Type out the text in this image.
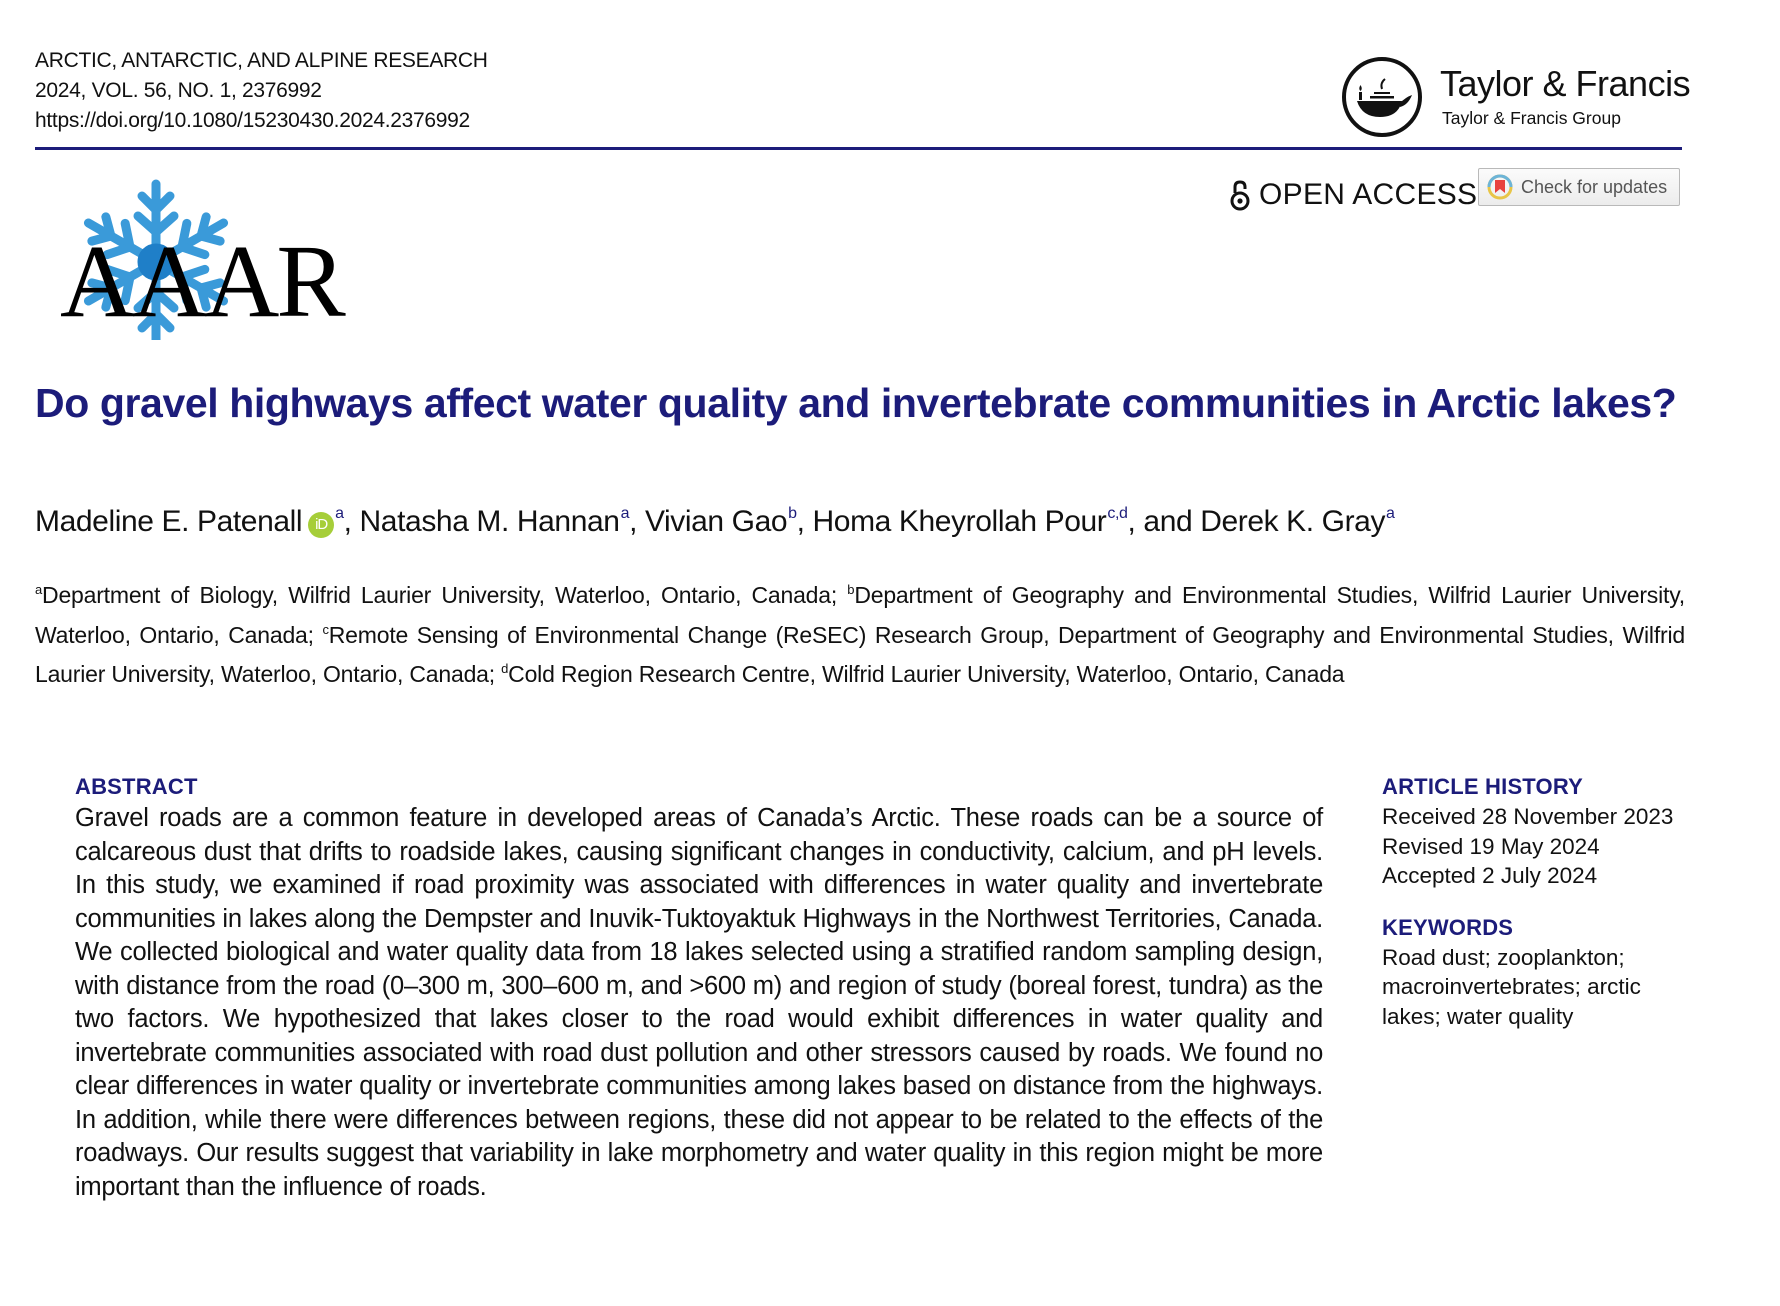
ARCTIC, ANTARCTIC, AND ALPINE RESEARCH
2024, VOL. 56, NO. 1, 2376992
https://doi.org/10.1080/15230430.2024.2376992
Taylor & Francis
Taylor & Francis Group
OPEN ACCESS Check for updates
AAAR
Do gravel highways affect water quality and invertebrate communities in Arctic lakes?
Madeline E. Patenall $iD^a$, Natasha M. Hannan$^a$, Vivian Gao$^b$, Homa Kheyrollah Pour$^{c,d}$, and Derek K. Gray$^a$
$^a$Department of Biology, Wilfrid Laurier University, Waterloo, Ontario, Canada; $^b$Department of Geography and Environmental Studies, Wilfrid Laurier University, Waterloo, Ontario, Canada; $^c$Remote Sensing of Environmental Change (ReSEC) Research Group, Department of Geography and Environmental Studies, Wilfrid Laurier University, Waterloo, Ontario, Canada; $^d$Cold Region Research Centre, Wilfrid Laurier University, Waterloo, Ontario, Canada
ABSTRACT

Gravel roads are a common feature in developed areas of Canada’s Arctic. These roads can be a source of calcareous dust that drifts to roadside lakes, causing significant changes in conductivity, calcium, and pH levels. In this study, we examined if road proximity was associated with differences in water quality and invertebrate communities in lakes along the Dempster and Inuvik-Tuktoyaktuk Highways in the Northwest Territories, Canada. We collected biological and water quality data from 18 lakes selected using a stratified random sampling design, with distance from the road (0–300 m, 300–600 m, and >600 m) and region of study (boreal forest, tundra) as the two factors. We hypothesized that lakes closer to the road would exhibit differences in water quality and invertebrate communities associated with road dust pollution and other stressors caused by roads. We found no clear differences in water quality or invertebrate communities among lakes based on distance from the highways. In addition, while there were differences between regions, these did not appear to be related to the effects of the roadways. Our results suggest that variability in lake morphometry and water quality in this region might be more important than the influence of roads.

ARTICLE HISTORY
Received 28 November 2023
Revised 19 May 2024
Accepted 2 July 2024
KEYWORDS
Road dust; zooplankton; macroinvertebrates; arctic lakes; water quality
